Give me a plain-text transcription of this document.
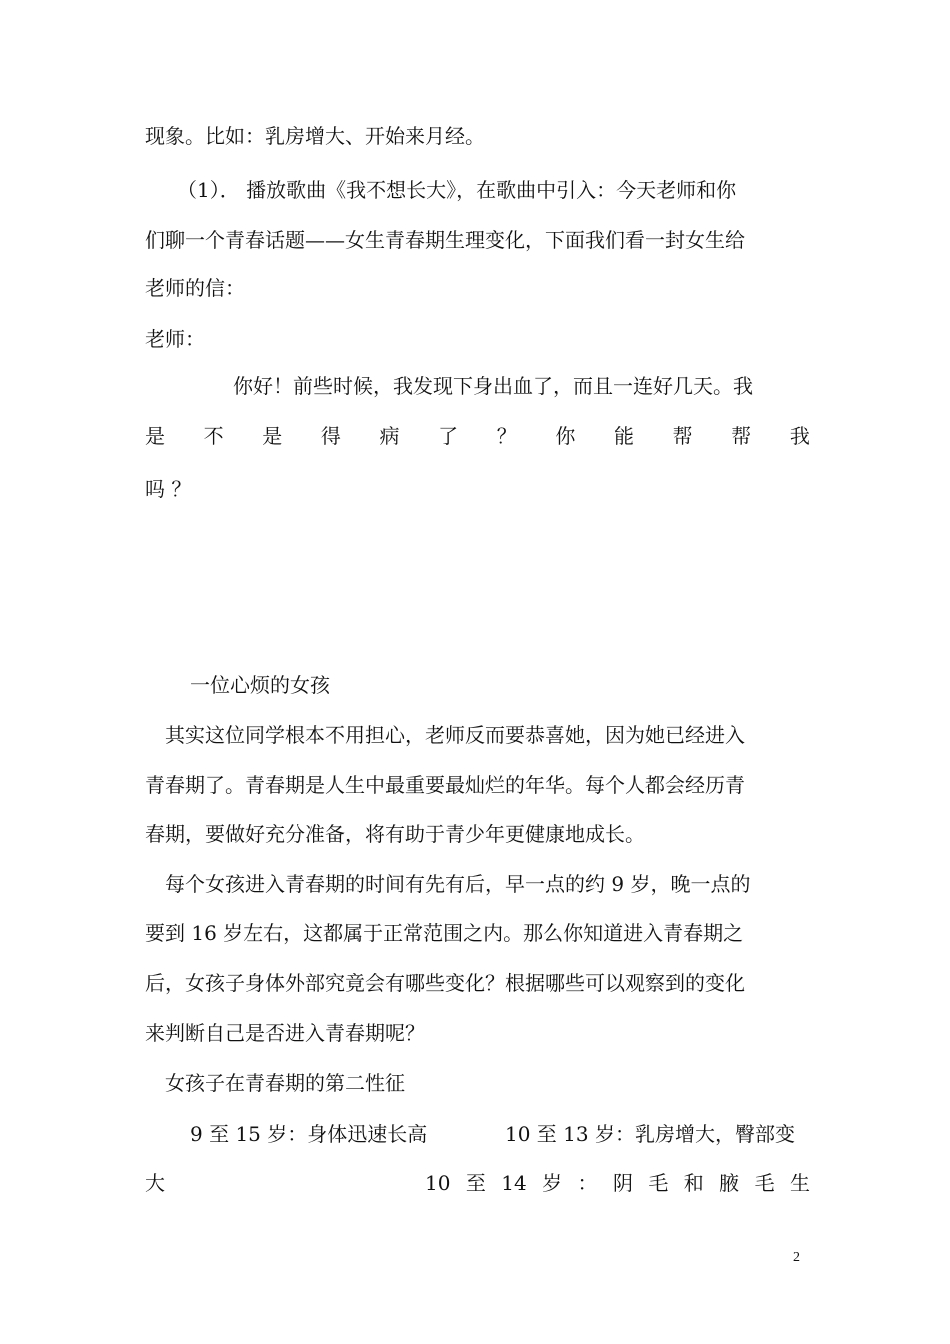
现象。比如：乳房增大、开始来月经。

（1）． 播放歌曲《我不想长大》，在歌曲中引入：今天老师和你

们聊一个青春话题——女生青春期生理变化，下面我们看一封女生给

老师的信：

老师：

你好！前些时候，我发现下身出血了，而且一连好几天。我

是 不 是 得 病 了 ？ 你 能 帮 帮 我

吗 ？

一位心烦的女孩

其实这位同学根本不用担心，老师反而要恭喜她，因为她已经进入

青春期了。青春期是人生中最重要最灿烂的年华。每个人都会经历青

春期，要做好充分准备，将有助于青少年更健康地成长。

每个女孩进入青春期的时间有先有后，早一点的约 9 岁，晚一点的

要到 16 岁左右，这都属于正常范围之内。那么你知道进入青春期之

后，女孩子身体外部究竟会有哪些变化？根据哪些可以观察到的变化

来判断自己是否进入青春期呢？

女孩子在青春期的第二性征

9 至 15 岁：身体迅速长高	10 至 13 岁：乳房增大，臀部变

大	10 至 14 岁 ： 阴 毛 和 腋 毛 生
2
